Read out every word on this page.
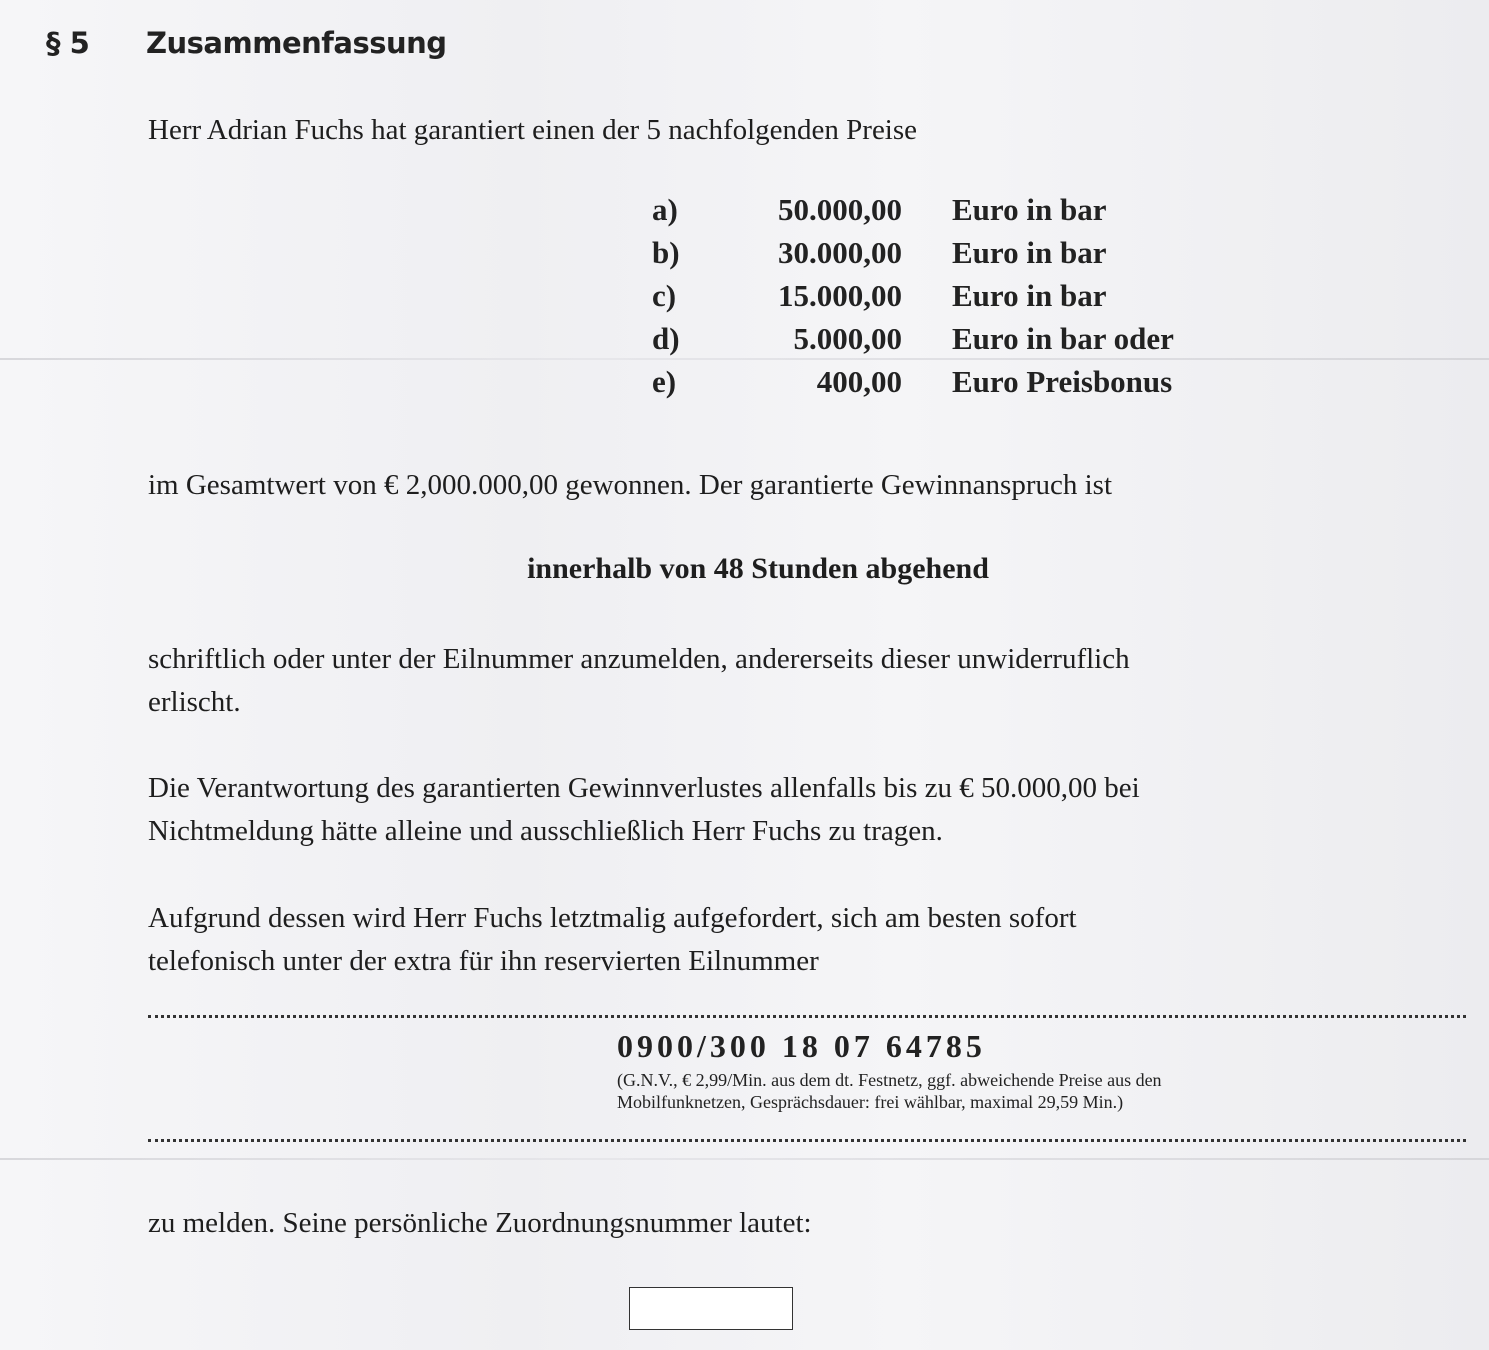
§ 5 Zusammenfassung
Herr Adrian Fuchs hat garantiert einen der 5 nachfolgenden Preise
a)	50.000,00 Euro in bar
b)	30.000,00 Euro in bar
c)	15.000,00 Euro in bar
d)	5.000,00 Euro in bar oder
e)	400,00 Euro Preisbonus
im Gesamtwert von € 2,000.000,00 gewonnen. Der garantierte Gewinnanspruch ist
innerhalb von 48 Stunden abgehend
schriftlich oder unter der Eilnummer anzumelden, andererseits dieser unwiderruflich
erlischt.
Die Verantwortung des garantierten Gewinnverlustes allenfalls bis zu € 50.000,00 bei
Nichtmeldung hätte alleine und ausschließlich Herr Fuchs zu tragen.
Aufgrund dessen wird Herr Fuchs letztmalig aufgefordert, sich am besten sofort
telefonisch unter der extra für ihn reservierten Eilnummer
0900/300 18 07 64785
(G.N.V., € 2,99/Min. aus dem dt. Festnetz, ggf. abweichende Preise aus den
Mobilfunknetzen, Gesprächsdauer: frei wählbar, maximal 29,59 Min.)
zu melden. Seine persönliche Zuordnungsnummer lautet:
